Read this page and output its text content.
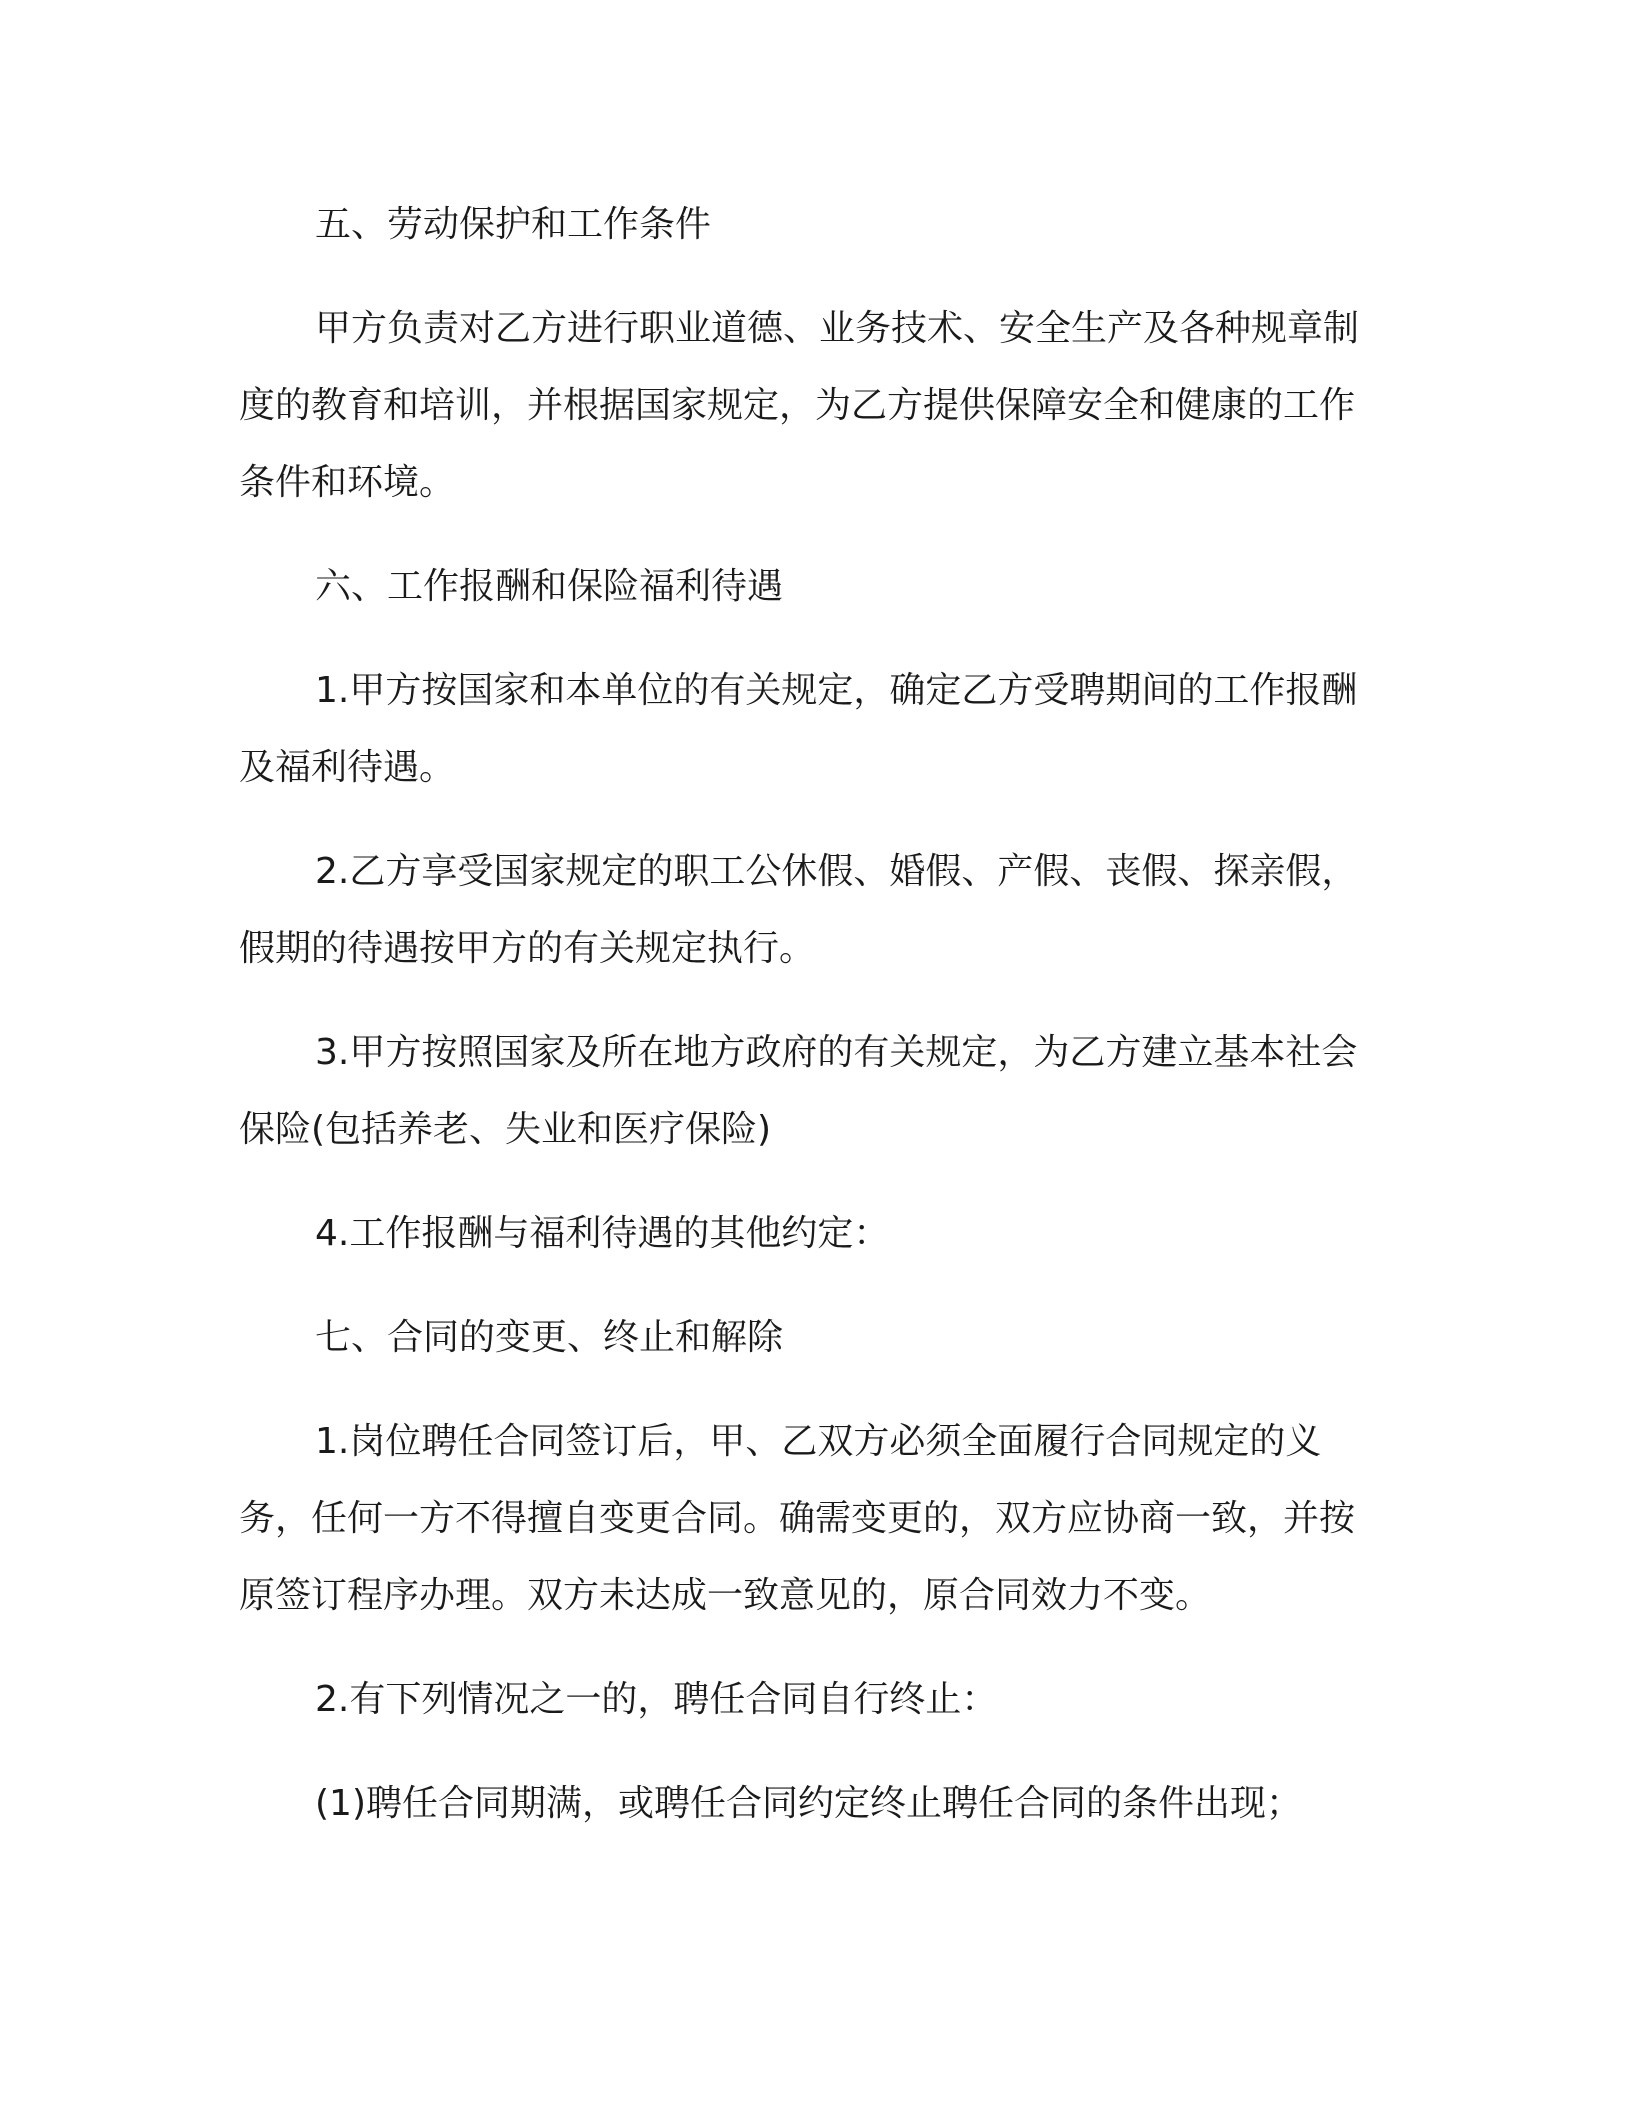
五、劳动保护和工作条件

甲方负责对乙方进行职业道德、业务技术、安全生产及各种规章制度的教育和培训，并根据国家规定，为乙方提供保障安全和健康的工作条件和环境。

六、工作报酬和保险福利待遇

1.甲方按国家和本单位的有关规定，确定乙方受聘期间的工作报酬及福利待遇。

2.乙方享受国家规定的职工公休假、婚假、产假、丧假、探亲假，假期的待遇按甲方的有关规定执行。

3.甲方按照国家及所在地方政府的有关规定，为乙方建立基本社会保险(包括养老、失业和医疗保险)

4.工作报酬与福利待遇的其他约定：

七、合同的变更、终止和解除

1.岗位聘任合同签订后，甲、乙双方必须全面履行合同规定的义务，任何一方不得擅自变更合同。确需变更的，双方应协商一致，并按原签订程序办理。双方未达成一致意见的，原合同效力不变。

2.有下列情况之一的，聘任合同自行终止：

(1)聘任合同期满，或聘任合同约定终止聘任合同的条件出现；
